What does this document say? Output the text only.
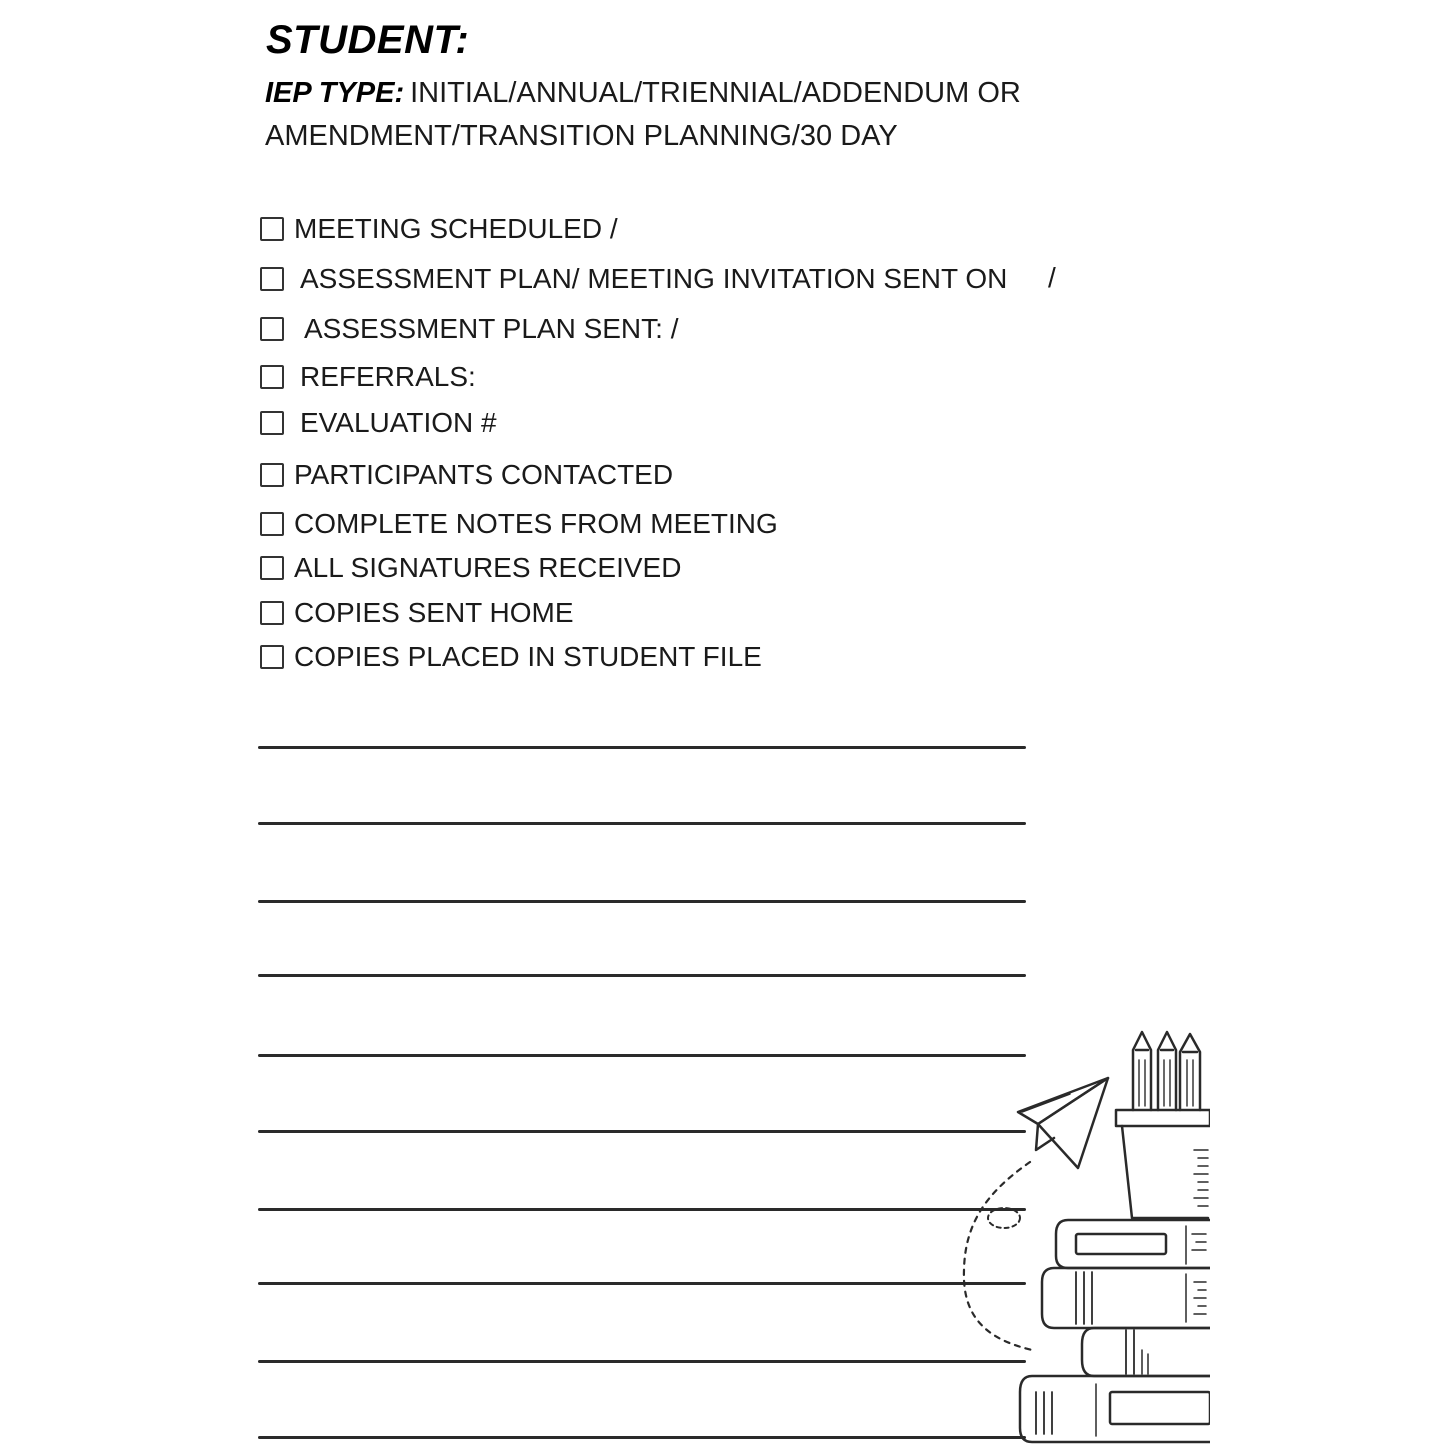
STUDENT:

IEP TYPE: INITIAL/ANNUAL/TRIENNIAL/ADDENDUM OR AMENDMENT/TRANSITION PLANNING/30 DAY

MEETING SCHEDULED /
ASSESSMENT PLAN/ MEETING INVITATION SENT ON /
ASSESSMENT PLAN SENT: /
REFERRALS:
EVALUATION #
PARTICIPANTS CONTACTED
COMPLETE NOTES FROM MEETING
ALL SIGNATURES RECEIVED
COPIES SENT HOME
COPIES PLACED IN STUDENT FILE
